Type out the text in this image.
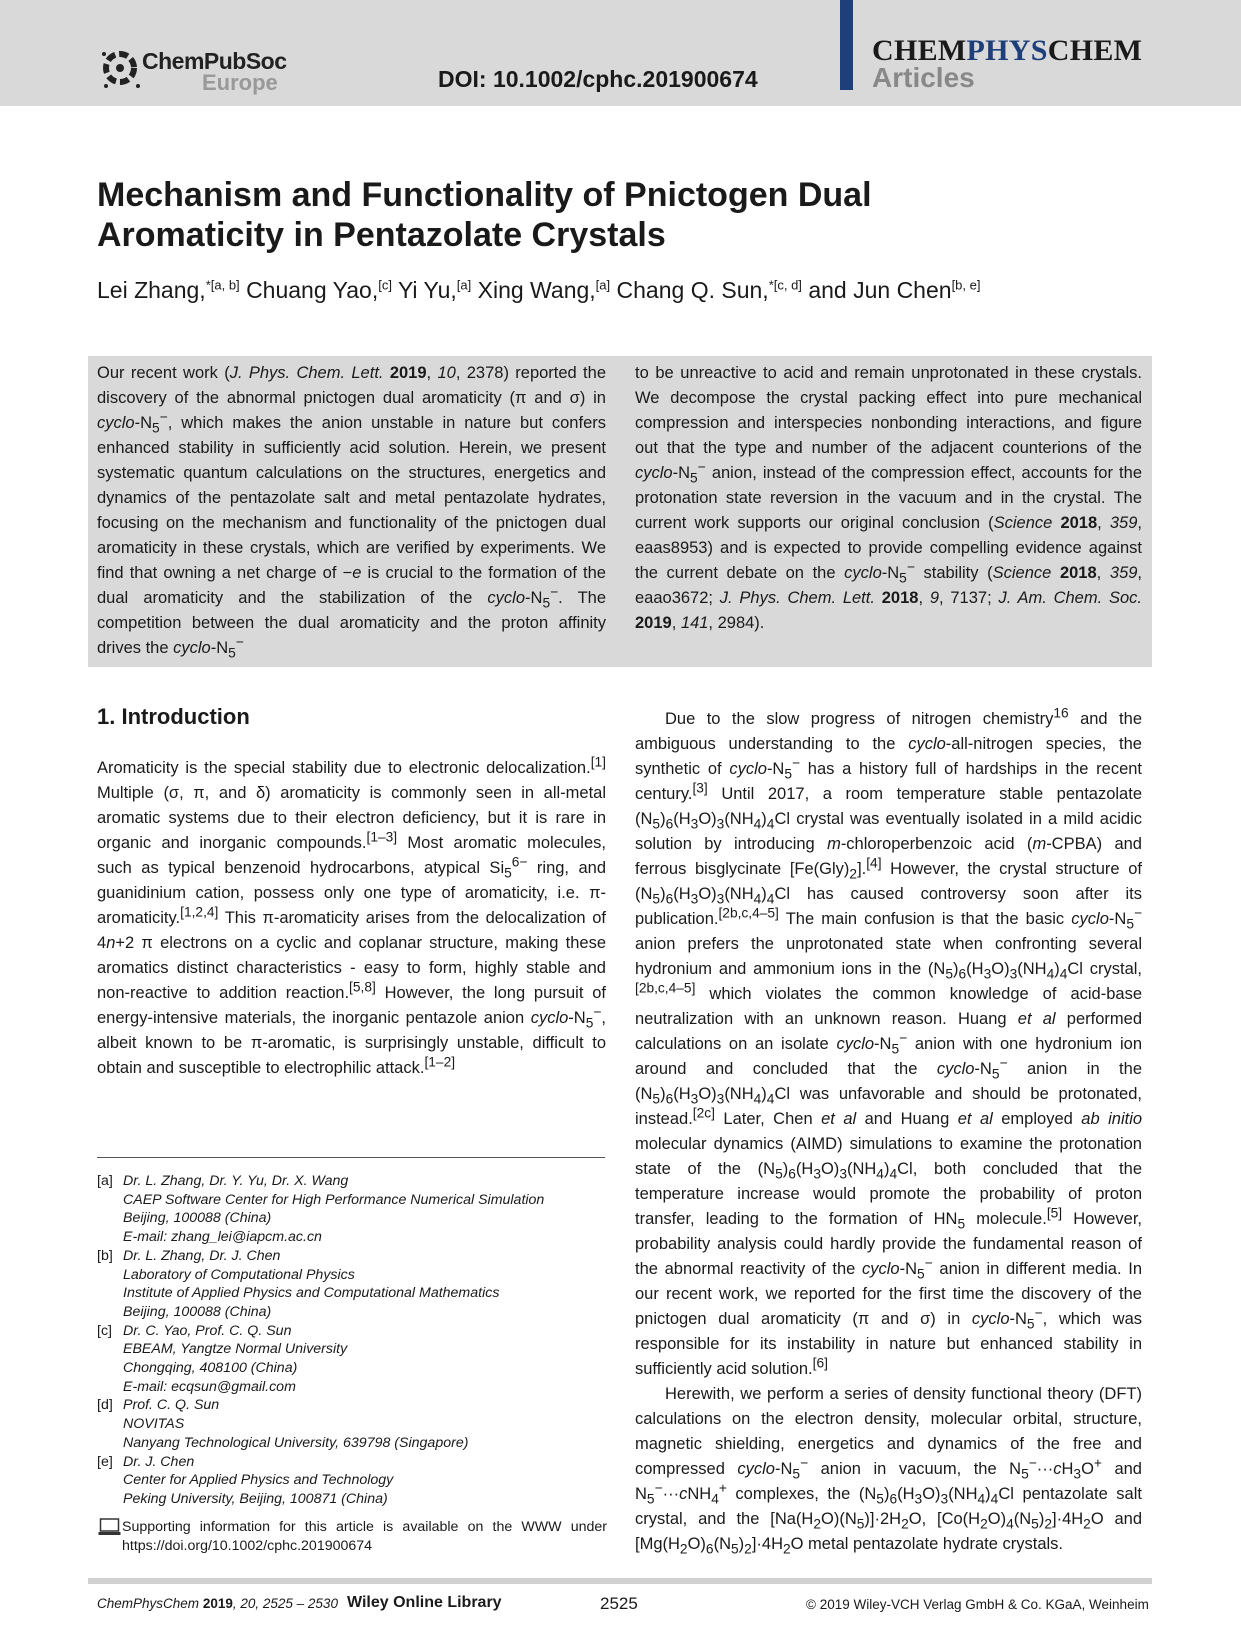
ChemPubSoc
Europe	DOI: 10.1002/cphc.201900674
CHEMPHYSCHEM
Articles
Mechanism and Functionality of Pnictogen Dual
Aromaticity in Pentazolate Crystals
Lei Zhang,$^{*[a, b]}$ Chuang Yao,[c] Yi Yu,[a] Xing Wang,[a] Chang Q. Sun,$^{*[c, d]}$ and Jun Chen[b, e]

Our recent work (J. Phys. Chem. Lett. 2019, 10, 2378) reported the discovery of the abnormal pnictogen dual aromaticity (π and σ) in cyclo-$N_5^-$, which makes the anion unstable in nature but confers enhanced stability in sufficiently acid solution. Herein, we present systematic quantum calculations on the structures, energetics and dynamics of the pentazolate salt and metal pentazolate hydrates, focusing on the mechanism and functionality of the pnictogen dual aromaticity in these crystals, which are verified by experiments. We find that owning a net charge of −e is crucial to the formation of the dual aromaticity and the stabilization of the cyclo-$N_5^-$. The competition between the dual aromaticity and the proton affinity drives the cyclo-$N_5^-$

to be unreactive to acid and remain unprotonated in these crystals. We decompose the crystal packing effect into pure mechanical compression and interspecies nonbonding interactions, and figure out that the type and number of the adjacent counterions of the cyclo-$N_5^-$ anion, instead of the compression effect, accounts for the protonation state reversion in the vacuum and in the crystal. The current work supports our original conclusion (Science 2018, 359, eaas8953) and is expected to provide compelling evidence against the current debate on the cyclo-$N_5^-$ stability (Science 2018, 359, eaao3672; J. Phys. Chem. Lett. 2018, 9, 7137; J. Am. Chem. Soc. 2019, 141, 2984).

1. Introduction

Aromaticity is the special stability due to electronic delocalization.[1] Multiple (σ, π, and δ) aromaticity is commonly seen in all-metal aromatic systems due to their electron deficiency, but it is rare in organic and inorganic compounds.[1–3] Most aromatic molecules, such as typical benzenoid hydrocarbons, atypical $Si_5^{6-}$ ring, and guanidinium cation, possess only one type of aromaticity, i.e. π-aromaticity.[1,2,4] This π-aromaticity arises from the delocalization of 4n+2 π electrons on a cyclic and coplanar structure, making these aromatics distinct characteristics - easy to form, highly stable and non-reactive to addition reaction.[5,8] However, the long pursuit of energy-intensive materials, the inorganic pentazole anion cyclo-$N_5^-$, albeit known to be π-aromatic, is surprisingly unstable, difficult to obtain and susceptible to electrophilic attack.[1–2]

Due to the slow progress of nitrogen chemistry$^{16}$ and the ambiguous understanding to the cyclo-all-nitrogen species, the synthetic of cyclo-$N_5^-$ has a history full of hardships in the recent century.[3] Until 2017, a room temperature stable pentazolate $(N_5)_6(H_3O)_3(NH_4)_4Cl$ crystal was eventually isolated in a mild acidic solution by introducing m-chloroperbenzoic acid (m-CPBA) and ferrous bisglycinate $[Fe(Gly)_2].[4]$ However, the crystal structure of $(N_5)_6(H_3O)_3(NH_4)_4Cl$ has caused controversy soon after its publication.[2b,c,4–5] The main confusion is that the basic cyclo-$N_5^-$ anion prefers the unprotonated state when confronting several hydronium and ammonium ions in the $(N_5)_6(H_3O)_3(NH_4)_4Cl$ crystal,[2b,c,4–5] which violates the common knowledge of acid-base neutralization with an unknown reason. Huang et al performed calculations on an isolate cyclo-$N_5^-$ anion with one hydronium ion around and concluded that the cyclo-$N_5^-$ anion in the $(N_5)_6(H_3O)_3(NH_4)_4Cl$ was unfavorable and should be protonated, instead.[2c] Later, Chen et al and Huang et al employed ab initio molecular dynamics (AIMD) simulations to examine the protonation state of the $(N_5)_6(H_3O)_3(NH_4)_4Cl$, both concluded that the temperature increase would promote the probability of proton transfer, leading to the formation of $HN_5$ molecule.[5] However, probability analysis could hardly provide the fundamental reason of the abnormal reactivity of the cyclo-$N_5^-$ anion in different media. In our recent work, we reported for the first time the discovery of the pnictogen dual aromaticity (π and σ) in cyclo-$N_5^-$, which was responsible for its instability in nature but enhanced stability in sufficiently acid solution.[6]

Herewith, we perform a series of density functional theory (DFT) calculations on the electron density, molecular orbital, structure, magnetic shielding, energetics and dynamics of the free and compressed cyclo-$N_5^-$ anion in vacuum, the $N_5^-\cdot\cdot\cdot cH_3O^+$ and $N_5^-\cdot\cdot\cdot cNH_4^+$ complexes, the $(N_5)_6(H_3O)_3(NH_4)_4Cl$ pentazolate salt crystal, and the $[Na(H_2O)(N_5)]\cdot 2H_2O$, $[Co(H_2O)_4(N_5)_2]\cdot 4H_2O$ and $[Mg(H_2O)_6(N_5)_2]\cdot 4H_2O$ metal pentazolate hydrate crystals.

[a] Dr. L. Zhang, Dr. Y. Yu, Dr. X. Wang
CAEP Software Center for High Performance Numerical Simulation
Beijing, 100088 (China)
E-mail: zhang_lei@iapcm.ac.cn
[b] Dr. L. Zhang, Dr. J. Chen
Laboratory of Computational Physics
Institute of Applied Physics and Computational Mathematics
Beijing, 100088 (China)
[c] Dr. C. Yao, Prof. C. Q. Sun
EBEAM, Yangtze Normal University
Chongqing, 408100 (China)
E-mail: ecqsun@gmail.com
[d] Prof. C. Q. Sun
NOVITAS
Nanyang Technological University, 639798 (Singapore)
[e] Dr. J. Chen
Center for Applied Physics and Technology
Peking University, Beijing, 100871 (China)
Supporting information for this article is available on the WWW under https://doi.org/10.1002/cphc.201900674
ChemPhysChem 2019, 20, 2525 – 2530 Wiley Online Library	2525	© 2019 Wiley-VCH Verlag GmbH & Co. KGaA, Weinheim
